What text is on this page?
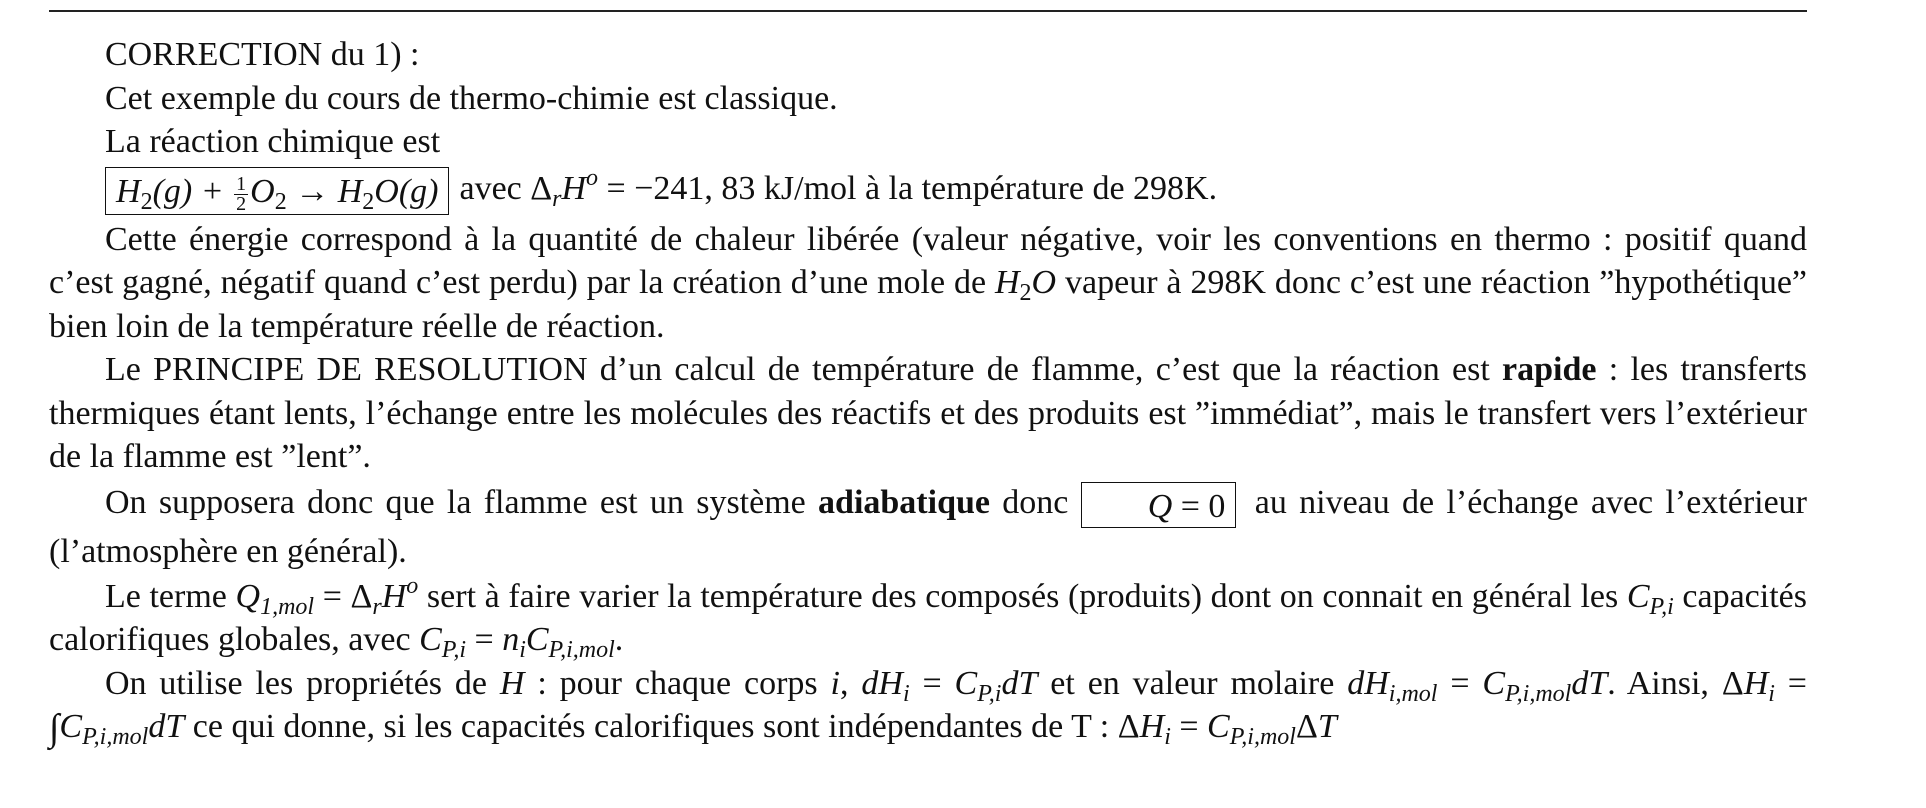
CORRECTION du 1) :
Cet exemple du cours de thermo-chimie est classique.
La réaction chimique est
$H_2(g) + \frac{1}{2} O_2 \to H_2O(g)$ avec $\Delta_rH^o = -241$, 83 kJ/mol à la température de 298K.

Cette énergie correspond à la quantité de chaleur libérée (valeur négative, voir les conventions en thermo : positif quand c’est gagné, négatif quand c’est perdu) par la création d’une mole de $H_2O$ vapeur à 298K donc c’est une réaction ”hypothétique” bien loin de la température réelle de réaction.

Le PRINCIPE DE RESOLUTION d’un calcul de température de flamme, c’est que la réaction est rapide : les transferts thermiques étant lents, l’échange entre les molécules des réactifs et des produits est ”immédiat”, mais le transfert vers l’extérieur de la flamme est ”lent”.

On supposera donc que la flamme est un système adiabatique donc Q = 0 au niveau de l’échange avec l’extérieur (l’atmosphère en général).

Le terme $Q_{1,mol} = \Delta_rH^o$ sert à faire varier la température des composés (produits) dont on connait en général les $C_{P,i}$ capacités calorifiques globales, avec $C_{P,i} = n_iC_{P,i,mol}$.

On utilise les propriétés de H : pour chaque corps i, $dH_i = C_{P,i}dT$ et en valeur molaire $dH_{i,mol} = C_{P,i,mol}dT$. Ainsi, $\Delta H_i = \int C_{P,i,mol}dT$ ce qui donne, si les capacités calorifiques sont indépendantes de T : $\Delta H_i = C_{P,i,mol}\Delta T$
